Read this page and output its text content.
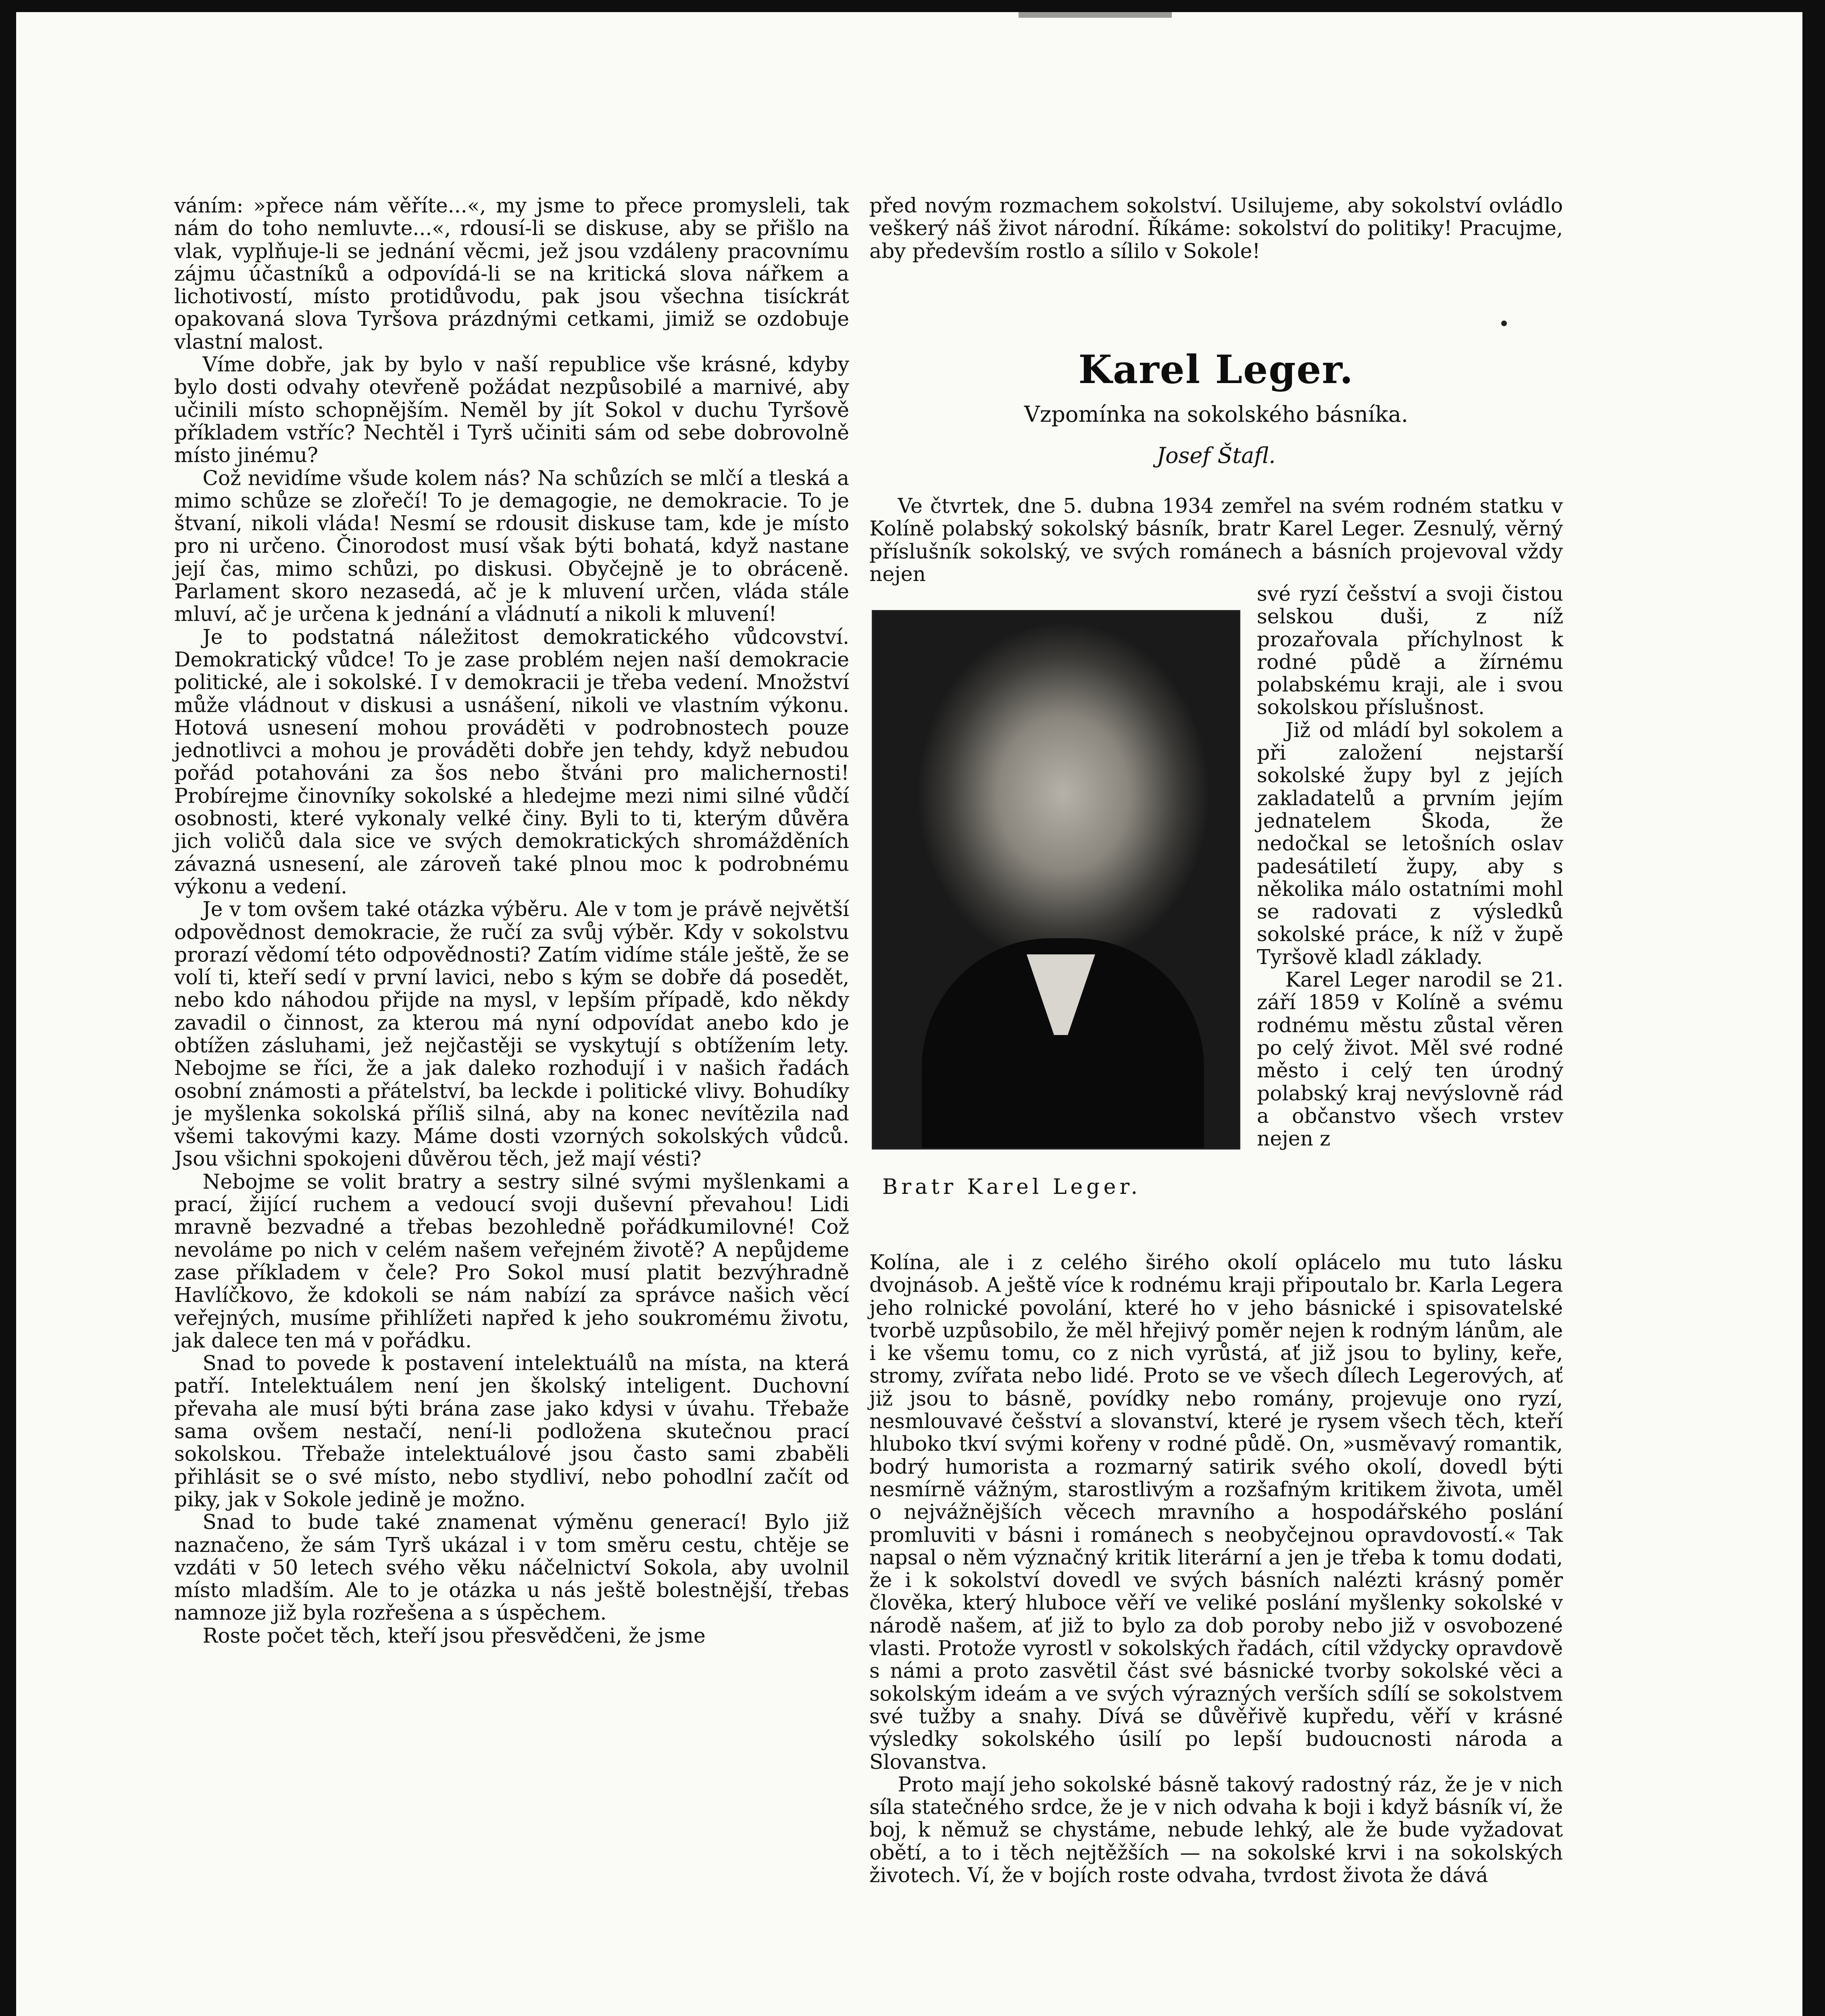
váním: »přece nám věříte...«, my jsme to přece promysleli, tak nám do toho nemluvte...«, rdousí-li se diskuse, aby se přišlo na vlak, vyplňuje-li se jednání věcmi, jež jsou vzdáleny pracovnímu zájmu účastníků a odpovídá-li se na kritická slova nářkem a lichotivostí, místo protidůvodu, pak jsou všechna tisíckrát opakovaná slova Tyršova prázdnými cetkami, jimiž se ozdobuje vlastní malost.

Víme dobře, jak by bylo v naší republice vše krásné, kdyby bylo dosti odvahy otevřeně požádat nezpůsobilé a marnivé, aby učinili místo schopnějším. Neměl by jít Sokol v duchu Tyršově příkladem vstříc? Nechtěl i Tyrš učiniti sám od sebe dobrovolně místo jinému?

Což nevidíme všude kolem nás? Na schůzích se mlčí a tleská a mimo schůze se zlořečí! To je demagogie, ne demokracie. To je štvaní, nikoli vláda! Nesmí se rdousit diskuse tam, kde je místo pro ni určeno. Činorodost musí však býti bohatá, když nastane její čas, mimo schůzi, po diskusi. Obyčejně je to obráceně. Parlament skoro nezasedá, ač je k mluvení určen, vláda stále mluví, ač je určena k jednání a vládnutí a nikoli k mluvení!

Je to podstatná náležitost demokratického vůdcovství. Demokratický vůdce! To je zase problém nejen naší demokracie politické, ale i sokolské. I v demokracii je třeba vedení. Množství může vládnout v diskusi a usnášení, nikoli ve vlastním výkonu. Hotová usnesení mohou prováděti v podrobnostech pouze jednotlivci a mohou je prováděti dobře jen tehdy, když nebudou pořád potahováni za šos nebo štváni pro malichernosti! Probírejme činovníky sokolské a hledejme mezi nimi silné vůdčí osobnosti, které vykonaly velké činy. Byli to ti, kterým důvěra jich voličů dala sice ve svých demokratických shromážděních závazná usnesení, ale zároveň také plnou moc k podrobnému výkonu a vedení.

Je v tom ovšem také otázka výběru. Ale v tom je právě největší odpovědnost demokracie, že ručí za svůj výběr. Kdy v sokolstvu prorazí vědomí této odpovědnosti? Zatím vidíme stále ještě, že se volí ti, kteří sedí v první lavici, nebo s kým se dobře dá posedět, nebo kdo náhodou přijde na mysl, v lepším případě, kdo někdy zavadil o činnost, za kterou má nyní odpovídat anebo kdo je obtížen zásluhami, jež nejčastěji se vyskytují s obtížením lety. Nebojme se říci, že a jak daleko rozhodují i v našich řadách osobní známosti a přátelství, ba leckde i politické vlivy. Bohudíky je myšlenka sokolská příliš silná, aby na konec nevítězila nad všemi takovými kazy. Máme dosti vzorných sokolských vůdců. Jsou všichni spokojeni důvěrou těch, jež mají vésti?

Nebojme se volit bratry a sestry silné svými myšlenkami a prací, žijící ruchem a vedoucí svoji duševní převahou! Lidi mravně bezvadné a třebas bezohledně pořádkumilovné! Což nevoláme po nich v celém našem veřejném životě? A nepůjdeme zase příkladem v čele? Pro Sokol musí platit bezvýhradně Havlíčkovo, že kdokoli se nám nabízí za správce našich věcí veřejných, musíme přihlížeti napřed k jeho soukromému životu, jak dalece ten má v pořádku.

Snad to povede k postavení intelektuálů na místa, na která patří. Intelektuálem není jen školský inteligent. Duchovní převaha ale musí býti brána zase jako kdysi v úvahu. Třebaže sama ovšem nestačí, není-li podložena skutečnou prací sokolskou. Třebaže intelektuálové jsou často sami zbaběli přihlásit se o své místo, nebo stydliví, nebo pohodlní začít od piky, jak v Sokole jedině je možno.

Snad to bude také znamenat výměnu generací! Bylo již naznačeno, že sám Tyrš ukázal i v tom směru cestu, chtěje se vzdáti v 50 letech svého věku náčelnictví Sokola, aby uvolnil místo mladším. Ale to je otázka u nás ještě bolestnější, třebas namnoze již byla rozřešena a s úspěchem.

Roste počet těch, kteří jsou přesvědčeni, že jsme

před novým rozmachem sokolství. Usilujeme, aby sokolství ovládlo veškerý náš život národní. Říkáme: sokolství do politiky! Pracujme, aby především rostlo a sílilo v Sokole!

Karel Leger.
Vzpomínka na sokolského básníka.
Josef Štafl.

Ve čtvrtek, dne 5. dubna 1934 zemřel na svém rodném statku v Kolíně polabský sokolský básník, bratr Karel Leger. Zesnulý, věrný příslušník sokolský, ve svých románech a básních projevoval vždy nejen

Bratr Karel Leger.

své ryzí češství a svoji čistou selskou duši, z níž prozařovala příchylnost k rodné půdě a žírnému polabskému kraji, ale i svou sokolskou příslušnost.

Již od mládí byl sokolem a při založení nejstarší sokolské župy byl z jejích zakladatelů a prvním jejím jednatelem Škoda, že nedočkal se letošních oslav padesátiletí župy, aby s několika málo ostatními mohl se radovati z výsledků sokolské práce, k níž v župě Tyršově kladl základy.

Karel Leger narodil se 21. září 1859 v Kolíně a svému rodnému městu zůstal věren po celý život. Měl své rodné město i celý ten úrodný polabský kraj nevýslovně rád a občanstvo všech vrstev nejen z

Kolína, ale i z celého širého okolí oplácelo mu tuto lásku dvojnásob. A ještě více k rodnému kraji připoutalo br. Karla Legera jeho rolnické povolání, které ho v jeho básnické i spisovatelské tvorbě uzpůsobilo, že měl hřejivý poměr nejen k rodným lánům, ale i ke všemu tomu, co z nich vyrůstá, ať již jsou to byliny, keře, stromy, zvířata nebo lidé. Proto se ve všech dílech Legerových, ať již jsou to básně, povídky nebo romány, projevuje ono ryzí, nesmlouvavé češství a slovanství, které je rysem všech těch, kteří hluboko tkví svými kořeny v rodné půdě. On, »usměvavý romantik, bodrý humorista a rozmarný satirik svého okolí, dovedl býti nesmírně vážným, starostlivým a rozšafným kritikem života, uměl o nejvážnějších věcech mravního a hospodářského poslání promluviti v básni i románech s neobyčejnou opravdovostí.« Tak napsal o něm význačný kritik literární a jen je třeba k tomu dodati, že i k sokolství dovedl ve svých básních nalézti krásný poměr člověka, který hluboce věří ve veliké poslání myšlenky sokolské v národě našem, ať již to bylo za dob poroby nebo již v osvobozené vlasti. Protože vyrostl v sokolských řadách, cítil vždycky opravdově s námi a proto zasvětil část své básnické tvorby sokolské věci a sokolským ideám a ve svých výrazných verších sdílí se sokolstvem své tužby a snahy. Dívá se důvěřivě kupředu, věří v krásné výsledky sokolského úsilí po lepší budoucnosti národa a Slovanstva.

Proto mají jeho sokolské básně takový radostný ráz, že je v nich síla statečného srdce, že je v nich odvaha k boji i když básník ví, že boj, k němuž se chystáme, nebude lehký, ale že bude vyžadovat obětí, a to i těch nejtěžších — na sokolské krvi i na sokolských životech. Ví, že v bojích roste odvaha, tvrdost života že dává
